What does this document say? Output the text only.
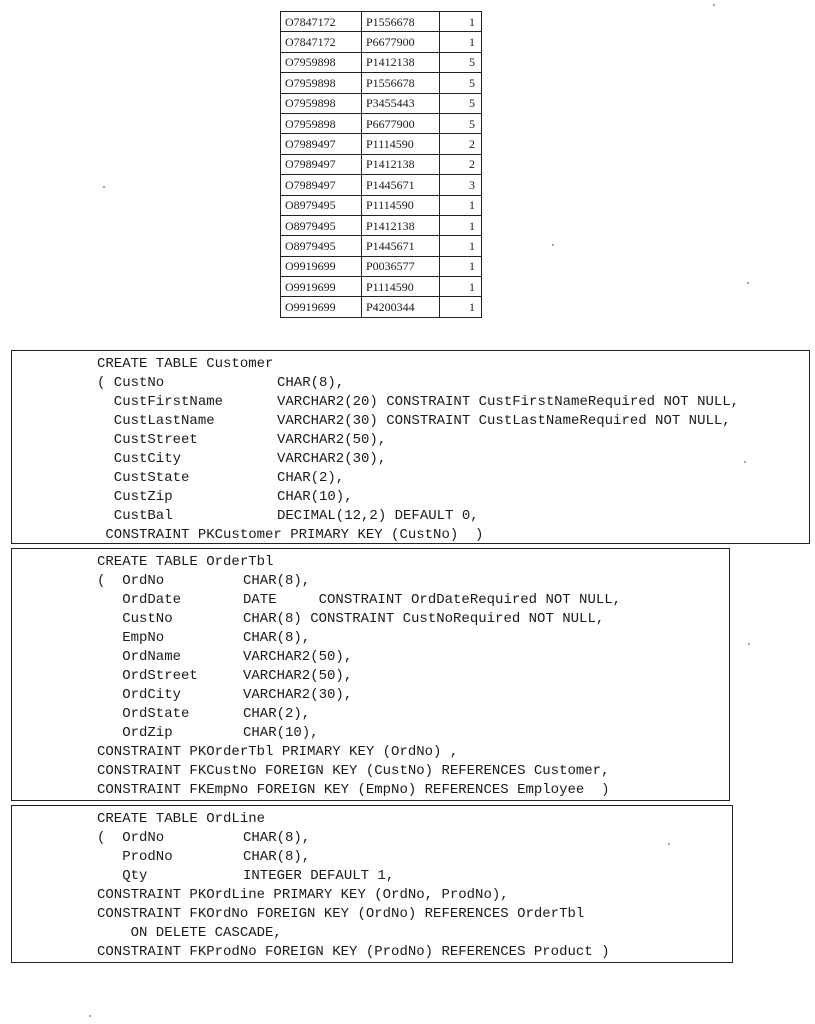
O7847172	P1556678	1
O7847172	P6677900	1
O7959898	P1412138	5
O7959898	P1556678	5
O7959898	P3455443	5
O7959898	P6677900	5
O7989497	P1114590	2
O7989497	P1412138	2
O7989497	P1445671	3
O8979495	P1114590	1
O8979495	P1412138	1
O8979495	P1445671	1
O9919699	P0036577	1
O9919699	P1114590	1
O9919699	P4200344	1
CREATE TABLE Customer
( CustNo	CHAR(8),
CustFirstName	VARCHAR2(20) CONSTRAINT CustFirstNameRequired NOT NULL,
CustLastName	VARCHAR2(30) CONSTRAINT CustLastNameRequired NOT NULL,
CustStreet	VARCHAR2(50),
CustCity	VARCHAR2(30),
CustState	CHAR(2),
CustZip	CHAR(10),
CustBal	DECIMAL(12,2) DEFAULT 0,
CONSTRAINT PKCustomer PRIMARY KEY (CustNo)  )
CREATE TABLE OrderTbl
(  OrdNo	CHAR(8),
OrdDate	DATE     CONSTRAINT OrdDateRequired NOT NULL,
CustNo	CHAR(8) CONSTRAINT CustNoRequired NOT NULL,
EmpNo	CHAR(8),
OrdName	VARCHAR2(50),
OrdStreet	VARCHAR2(50),
OrdCity	VARCHAR2(30),
OrdState	CHAR(2),
OrdZip	CHAR(10),
CONSTRAINT PKOrderTbl PRIMARY KEY (OrdNo) ,
CONSTRAINT FKCustNo FOREIGN KEY (CustNo) REFERENCES Customer,
CONSTRAINT FKEmpNo FOREIGN KEY (EmpNo) REFERENCES Employee  )
CREATE TABLE OrdLine
(  OrdNo	CHAR(8),
ProdNo	CHAR(8),
Qty	INTEGER DEFAULT 1,
CONSTRAINT PKOrdLine PRIMARY KEY (OrdNo, ProdNo),
CONSTRAINT FKOrdNo FOREIGN KEY (OrdNo) REFERENCES OrderTbl
ON DELETE CASCADE,
CONSTRAINT FKProdNo FOREIGN KEY (ProdNo) REFERENCES Product )
